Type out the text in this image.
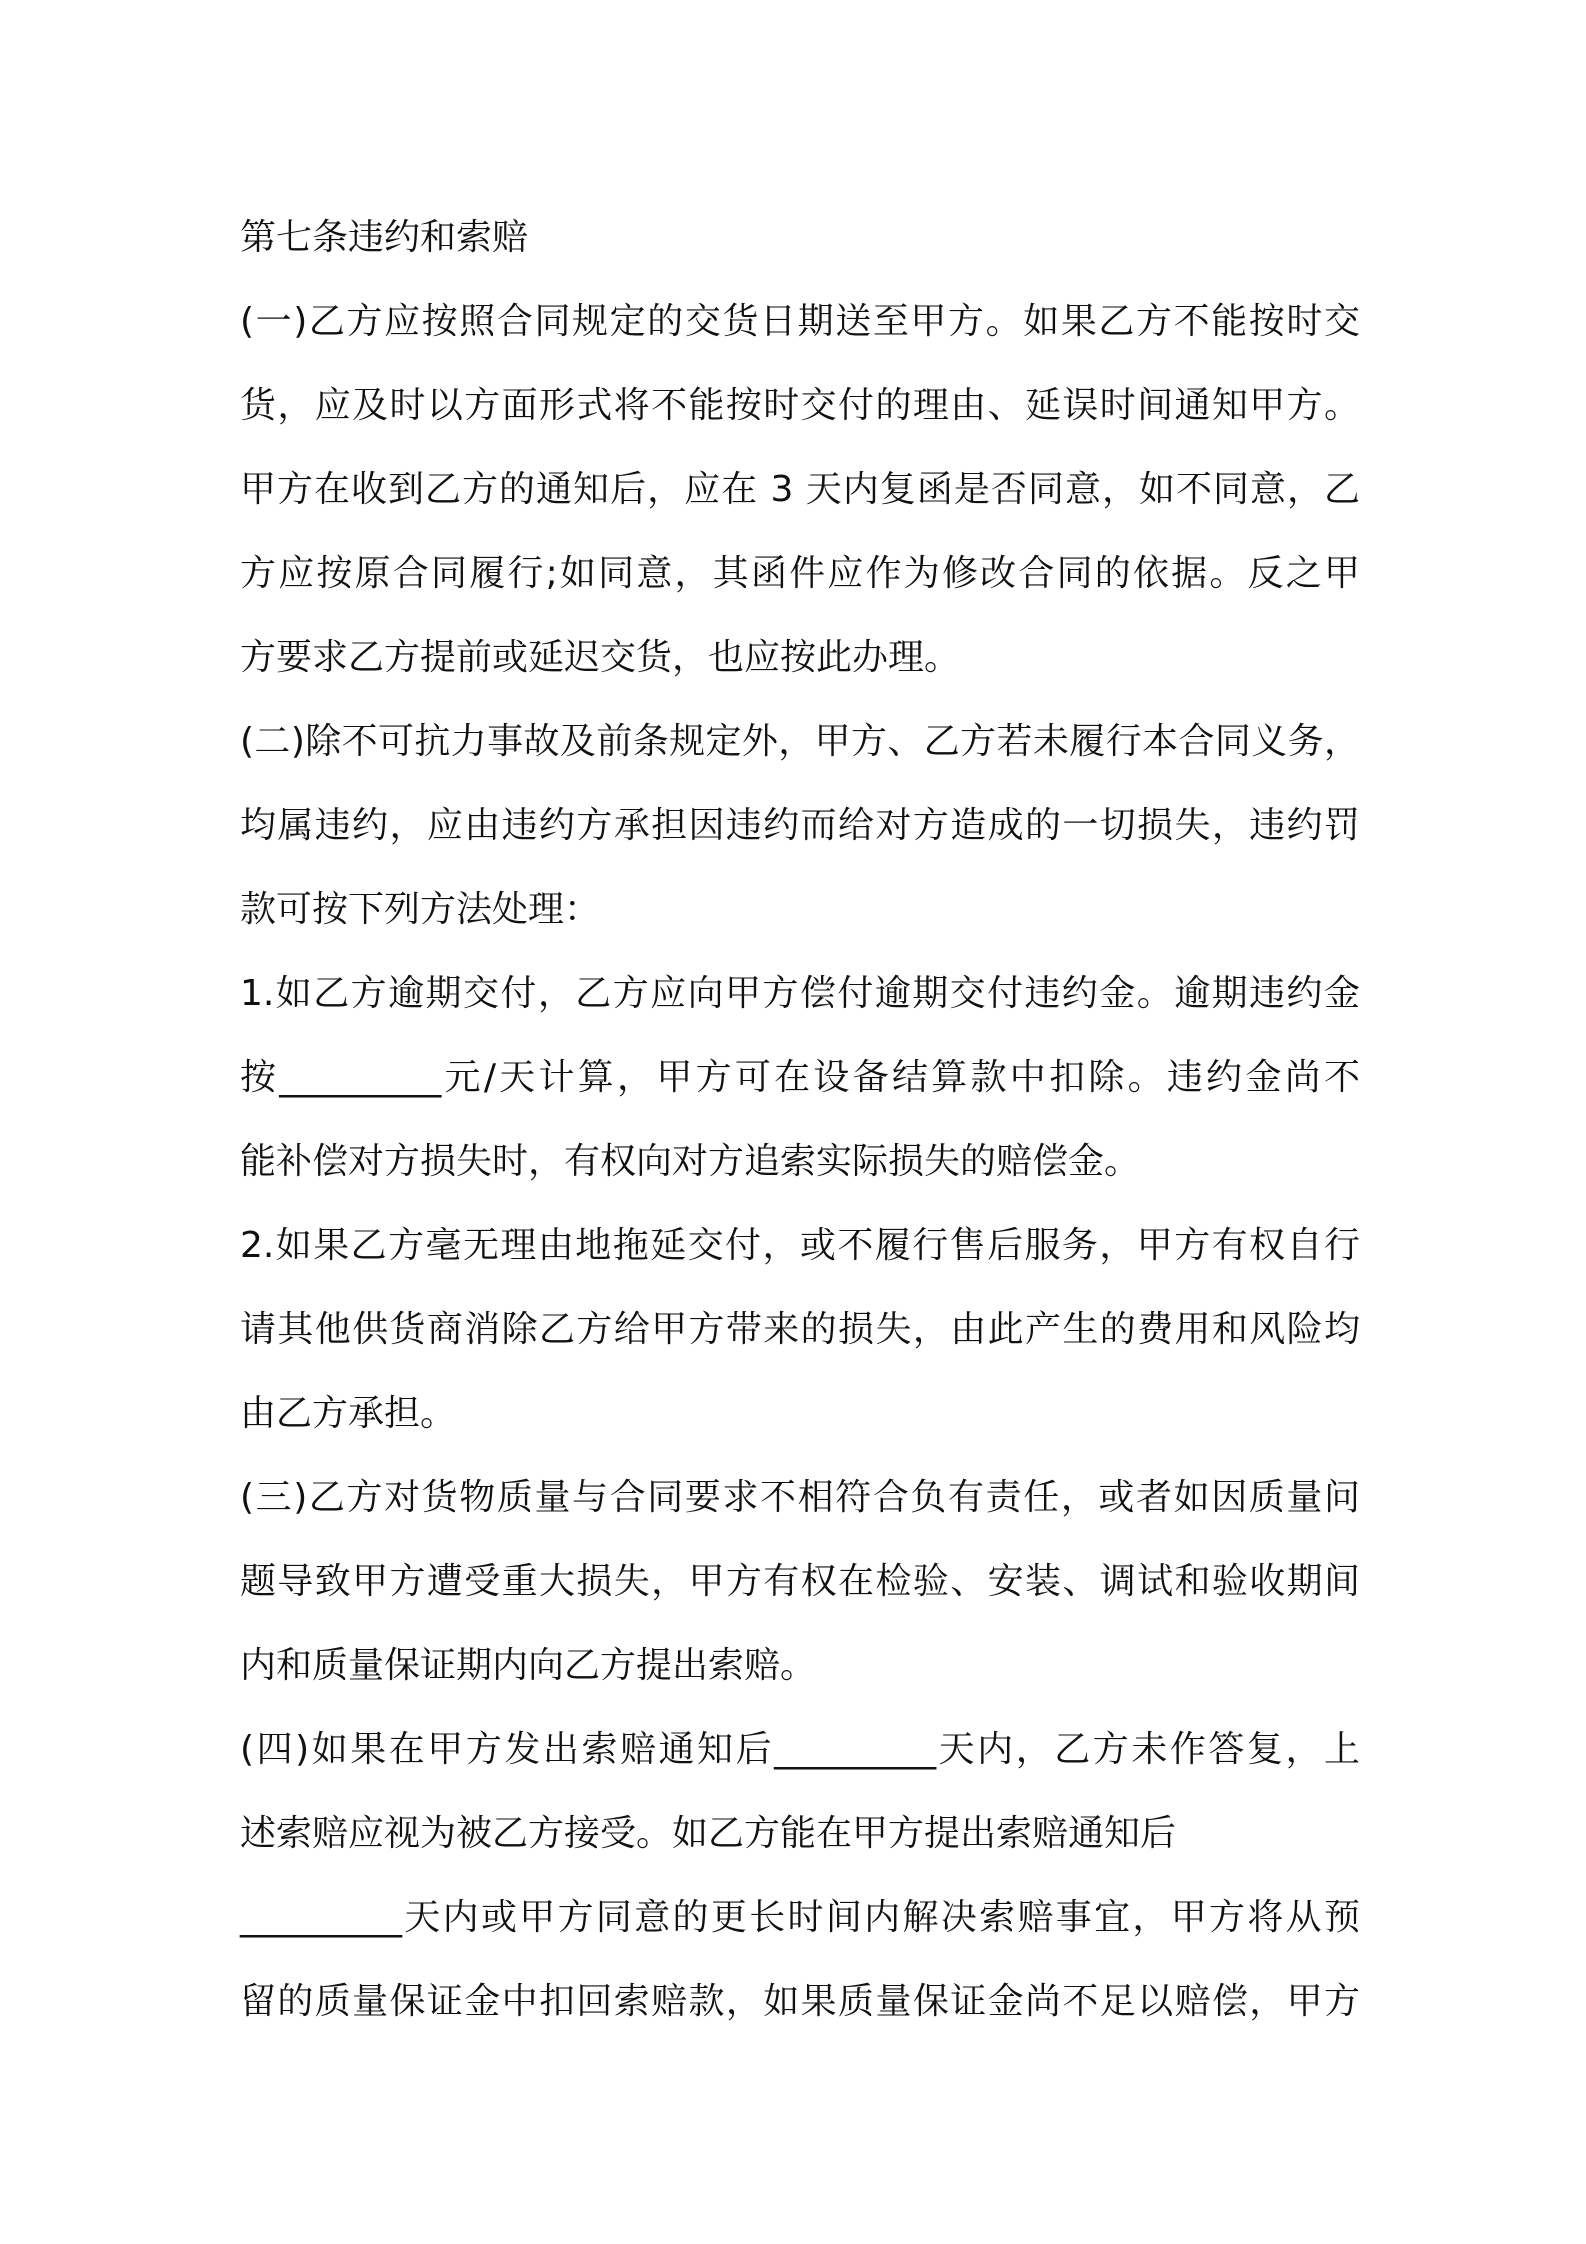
第七条违约和索赔
(一)乙方应按照合同规定的交货日期送至甲方。如果乙方不能按时交
货，应及时以方面形式将不能按时交付的理由、延误时间通知甲方。
甲方在收到乙方的通知后，应在 3 天内复函是否同意，如不同意，乙
方应按原合同履行;如同意，其函件应作为修改合同的依据。反之甲
方要求乙方提前或延迟交货，也应按此办理。
(二)除不可抗力事故及前条规定外，甲方、乙方若未履行本合同义务，
均属违约，应由违约方承担因违约而给对方造成的一切损失，违约罚
款可按下列方法处理：
1.如乙方逾期交付，乙方应向甲方偿付逾期交付违约金。逾期违约金
按_________元/天计算，甲方可在设备结算款中扣除。违约金尚不
能补偿对方损失时，有权向对方追索实际损失的赔偿金。
2.如果乙方毫无理由地拖延交付，或不履行售后服务，甲方有权自行
请其他供货商消除乙方给甲方带来的损失，由此产生的费用和风险均
由乙方承担。
(三)乙方对货物质量与合同要求不相符合负有责任，或者如因质量问
题导致甲方遭受重大损失，甲方有权在检验、安装、调试和验收期间
内和质量保证期内向乙方提出索赔。
(四)如果在甲方发出索赔通知后_________天内，乙方未作答复，上
述索赔应视为被乙方接受。如乙方能在甲方提出索赔通知后
_________天内或甲方同意的更长时间内解决索赔事宜，甲方将从预
留的质量保证金中扣回索赔款，如果质量保证金尚不足以赔偿，甲方
